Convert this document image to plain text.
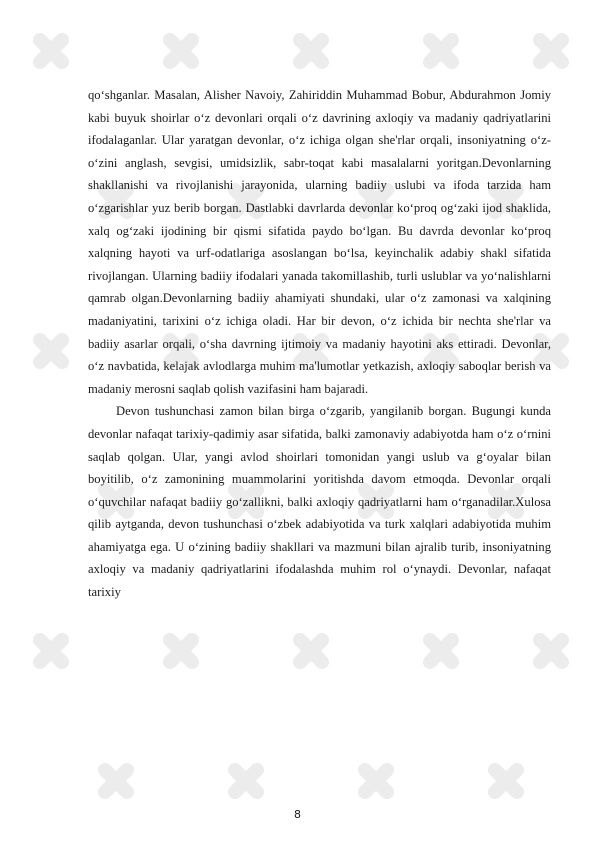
qo‘shganlar. Masalan, Alisher Navoiy, Zahiriddin Muhammad Bobur, Abdurahmon Jomiy kabi buyuk shoirlar o‘z devonlari orqali o‘z davrining axloqiy va madaniy qadriyatlarini ifodalaganlar. Ular yaratgan devonlar, o‘z ichiga olgan she'rlar orqali, insoniyatning o‘z-o‘zini anglash, sevgisi, umidsizlik, sabr-toqat kabi masalalarni yoritgan.Devonlarning shakllanishi va rivojlanishi jarayonida, ularning badiiy uslubi va ifoda tarzida ham o‘zgarishlar yuz berib borgan. Dastlabki davrlarda devonlar ko‘proq og‘zaki ijod shaklida, xalq og‘zaki ijodining bir qismi sifatida paydo bo‘lgan. Bu davrda devonlar ko‘proq xalqning hayoti va urf-odatlariga asoslangan bo‘lsa, keyinchalik adabiy shakl sifatida rivojlangan. Ularning badiiy ifodalari yanada takomillashib, turli uslublar va yo‘nalishlarni qamrab olgan.Devonlarning badiiy ahamiyati shundaki, ular o‘z zamonasi va xalqining madaniyatini, tarixini o‘z ichiga oladi. Har bir devon, o‘z ichida bir nechta she'rlar va badiiy asarlar orqali, o‘sha davrning ijtimoiy va madaniy hayotini aks ettiradi. Devonlar, o‘z navbatida, kelajak avlodlarga muhim ma'lumotlar yetkazish, axloqiy saboqlar berish va madaniy merosni saqlab qolish vazifasini ham bajaradi.

Devon tushunchasi zamon bilan birga o‘zgarib, yangilanib borgan. Bugungi kunda devonlar nafaqat tarixiy-qadimiy asar sifatida, balki zamonaviy adabiyotda ham o‘z o‘rnini saqlab qolgan. Ular, yangi avlod shoirlari tomonidan yangi uslub va g‘oyalar bilan boyitilib, o‘z zamonining muammolarini yoritishda davom etmoqda. Devonlar orqali o‘quvchilar nafaqat badiiy go‘zallikni, balki axloqiy qadriyatlarni ham o‘rganadilar.Xulosa qilib aytganda, devon tushunchasi o‘zbek adabiyotida va turk xalqlari adabiyotida muhim ahamiyatga ega. U o‘zining badiiy shakllari va mazmuni bilan ajralib turib, insoniyatning axloqiy va madaniy qadriyatlarini ifodalashda muhim rol o‘ynaydi. Devonlar, nafaqat tarixiy

8
